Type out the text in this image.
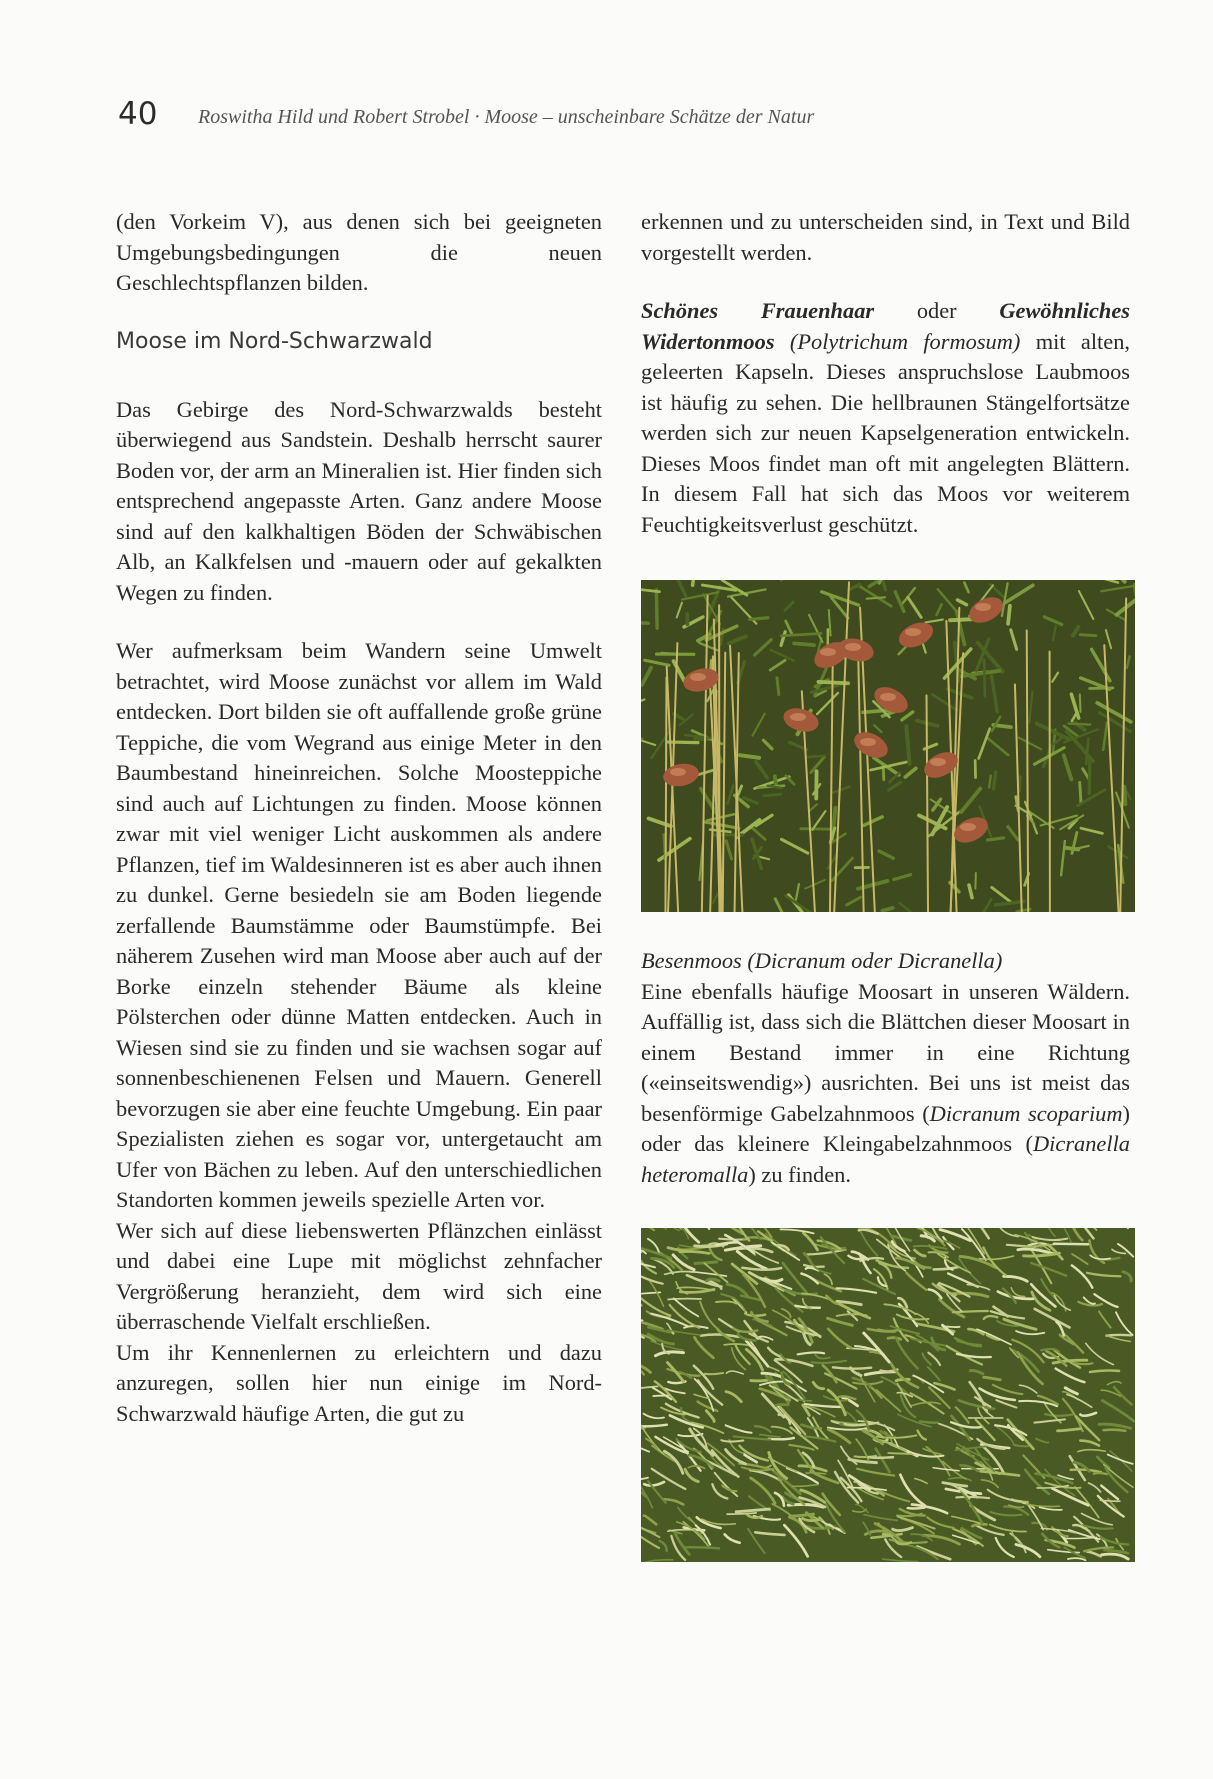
40 Roswitha Hild und Robert Strobel · Moose – unscheinbare Schätze der Natur

(den Vorkeim V), aus denen sich bei geeigneten Umgebungsbedingungen die neuen Geschlechtspflanzen bilden.

Moose im Nord-Schwarzwald

Das Gebirge des Nord-Schwarzwalds besteht überwiegend aus Sandstein. Deshalb herrscht saurer Boden vor, der arm an Mineralien ist. Hier finden sich entsprechend angepasste Arten. Ganz andere Moose sind auf den kalkhaltigen Böden der Schwäbischen Alb, an Kalkfelsen und -mauern oder auf gekalkten Wegen zu finden.

Wer aufmerksam beim Wandern seine Umwelt betrachtet, wird Moose zunächst vor allem im Wald entdecken. Dort bilden sie oft auffallende große grüne Teppiche, die vom Wegrand aus einige Meter in den Baumbestand hineinreichen. Solche Moosteppiche sind auch auf Lichtungen zu finden. Moose können zwar mit viel weniger Licht auskommen als andere Pflanzen, tief im Waldesinneren ist es aber auch ihnen zu dunkel. Gerne besiedeln sie am Boden liegende zerfallende Baumstämme oder Baumstümpfe. Bei näherem Zusehen wird man Moose aber auch auf der Borke einzeln stehender Bäume als kleine Pölsterchen oder dünne Matten entdecken. Auch in Wiesen sind sie zu finden und sie wachsen sogar auf sonnenbeschienenen Felsen und Mauern. Generell bevorzugen sie aber eine feuchte Umgebung. Ein paar Spezialisten ziehen es sogar vor, untergetaucht am Ufer von Bächen zu leben. Auf den unterschiedlichen Standorten kommen jeweils spezielle Arten vor.

Wer sich auf diese liebenswerten Pflänzchen einlässt und dabei eine Lupe mit möglichst zehnfacher Vergrößerung heranzieht, dem wird sich eine überraschende Vielfalt erschließen.

Um ihr Kennenlernen zu erleichtern und dazu anzuregen, sollen hier nun einige im Nord-Schwarzwald häufige Arten, die gut zu

erkennen und zu unterscheiden sind, in Text und Bild vorgestellt werden.

Schönes Frauenhaar oder Gewöhnliches Widertonmoos (Polytrichum formosum) mit alten, geleerten Kapseln. Dieses anspruchslose Laubmoos ist häufig zu sehen. Die hellbraunen Stängelfortsätze werden sich zur neuen Kapselgeneration entwickeln. Dieses Moos findet man oft mit angelegten Blättern. In diesem Fall hat sich das Moos vor weiterem Feuchtigkeitsverlust geschützt.

Besenmoos (Dicranum oder Dicranella)

Eine ebenfalls häufige Moosart in unseren Wäldern. Auffällig ist, dass sich die Blättchen dieser Moosart in einem Bestand immer in eine Richtung («einseitswendig») ausrichten. Bei uns ist meist das besenförmige Gabelzahnmoos (Dicranum scoparium) oder das kleinere Kleingabelzahnmoos (Dicranella heteromalla) zu finden.
